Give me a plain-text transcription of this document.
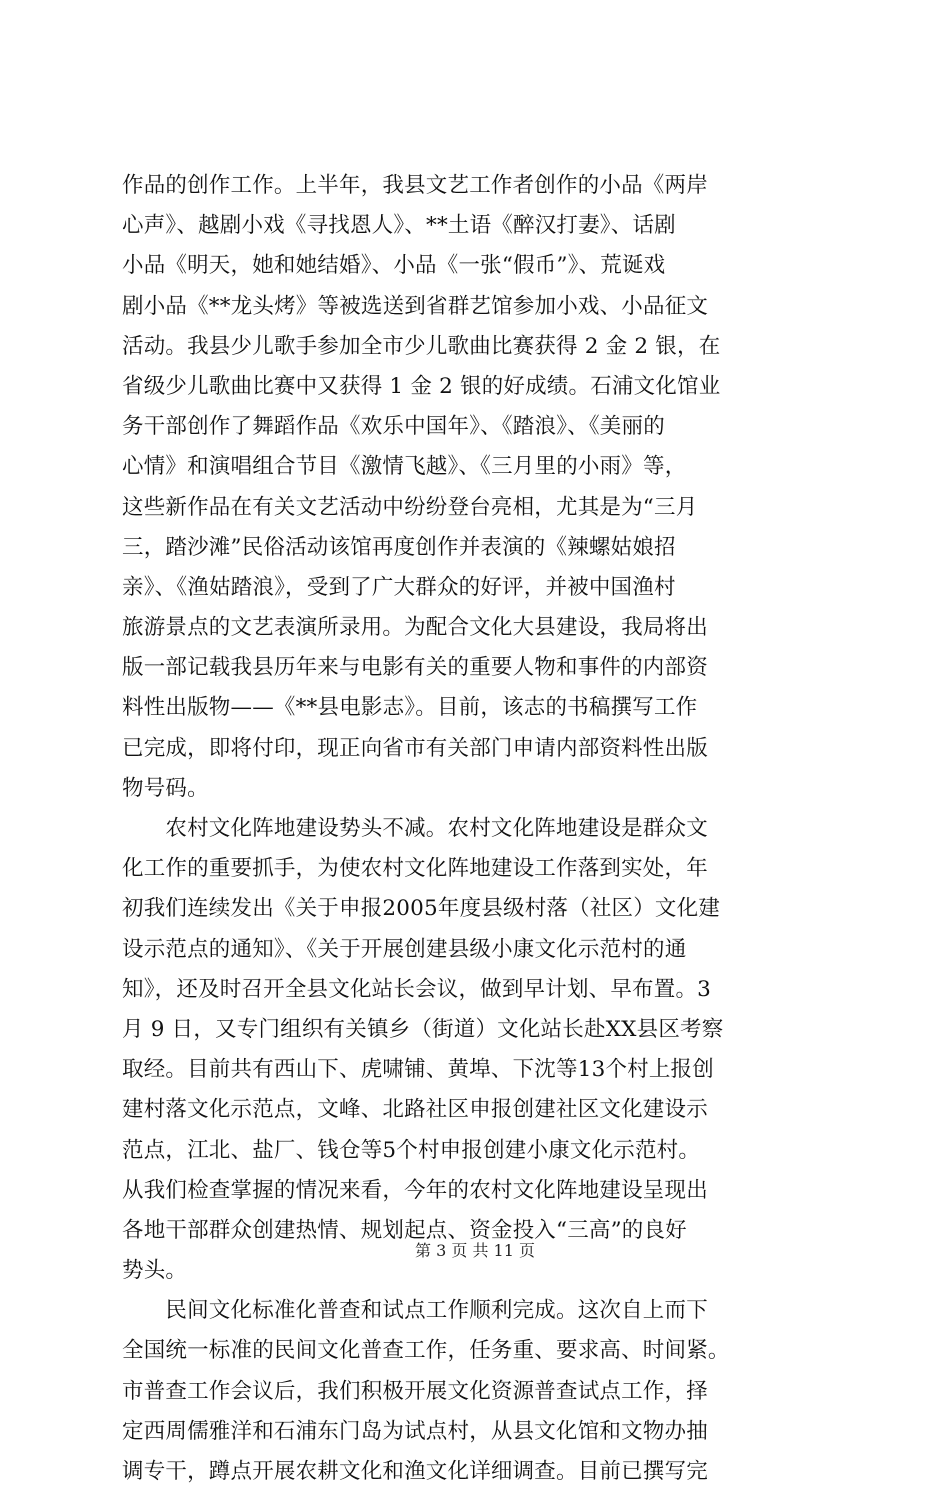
作品的创作工作。上半年，我县文艺工作者创作的小品《两岸
心声》、越剧小戏《寻找恩人》、**土语《醉汉打妻》、话剧
小品《明天，她和她结婚》、小品《一张“假币”》、荒诞戏
剧小品《**龙头烤》等被选送到省群艺馆参加小戏、小品征文
活动。我县少儿歌手参加全市少儿歌曲比赛获得 2 金 2 银，在
省级少儿歌曲比赛中又获得 1 金 2 银的好成绩。石浦文化馆业
务干部创作了舞蹈作品《欢乐中国年》、《踏浪》、《美丽的
心情》和演唱组合节目《激情飞越》、《三月里的小雨》等，
这些新作品在有关文艺活动中纷纷登台亮相，尤其是为“三月
三，踏沙滩”民俗活动该馆再度创作并表演的《辣螺姑娘招
亲》、《渔姑踏浪》，受到了广大群众的好评，并被中国渔村
旅游景点的文艺表演所录用。为配合文化大县建设，我局将出
版一部记载我县历年来与电影有关的重要人物和事件的内部资
料性出版物——《**县电影志》。目前，该志的书稿撰写工作
已完成，即将付印，现正向省市有关部门申请内部资料性出版
物号码。
　　农村文化阵地建设势头不减。农村文化阵地建设是群众文
化工作的重要抓手，为使农村文化阵地建设工作落到实处，年
初我们连续发出《关于申报2005年度县级村落（社区）文化建
设示范点的通知》、《关于开展创建县级小康文化示范村的通
知》，还及时召开全县文化站长会议，做到早计划、早布置。3
月 9 日，又专门组织有关镇乡（街道）文化站长赴XX县区考察
取经。目前共有西山下、虎啸铺、黄埠、下沈等13个村上报创
建村落文化示范点，文峰、北路社区申报创建社区文化建设示
范点，江北、盐厂、钱仓等5个村申报创建小康文化示范村。
从我们检查掌握的情况来看，今年的农村文化阵地建设呈现出
各地干部群众创建热情、规划起点、资金投入“三高”的良好
势头。
　　民间文化标准化普查和试点工作顺利完成。这次自上而下
全国统一标准的民间文化普查工作，任务重、要求高、时间紧。
市普查工作会议后，我们积极开展文化资源普查试点工作，择
定西周儒雅洋和石浦东门岛为试点村，从县文化馆和文物办抽
调专干，蹲点开展农耕文化和渔文化详细调查。目前已撰写完
第 3 页 共 11 页
